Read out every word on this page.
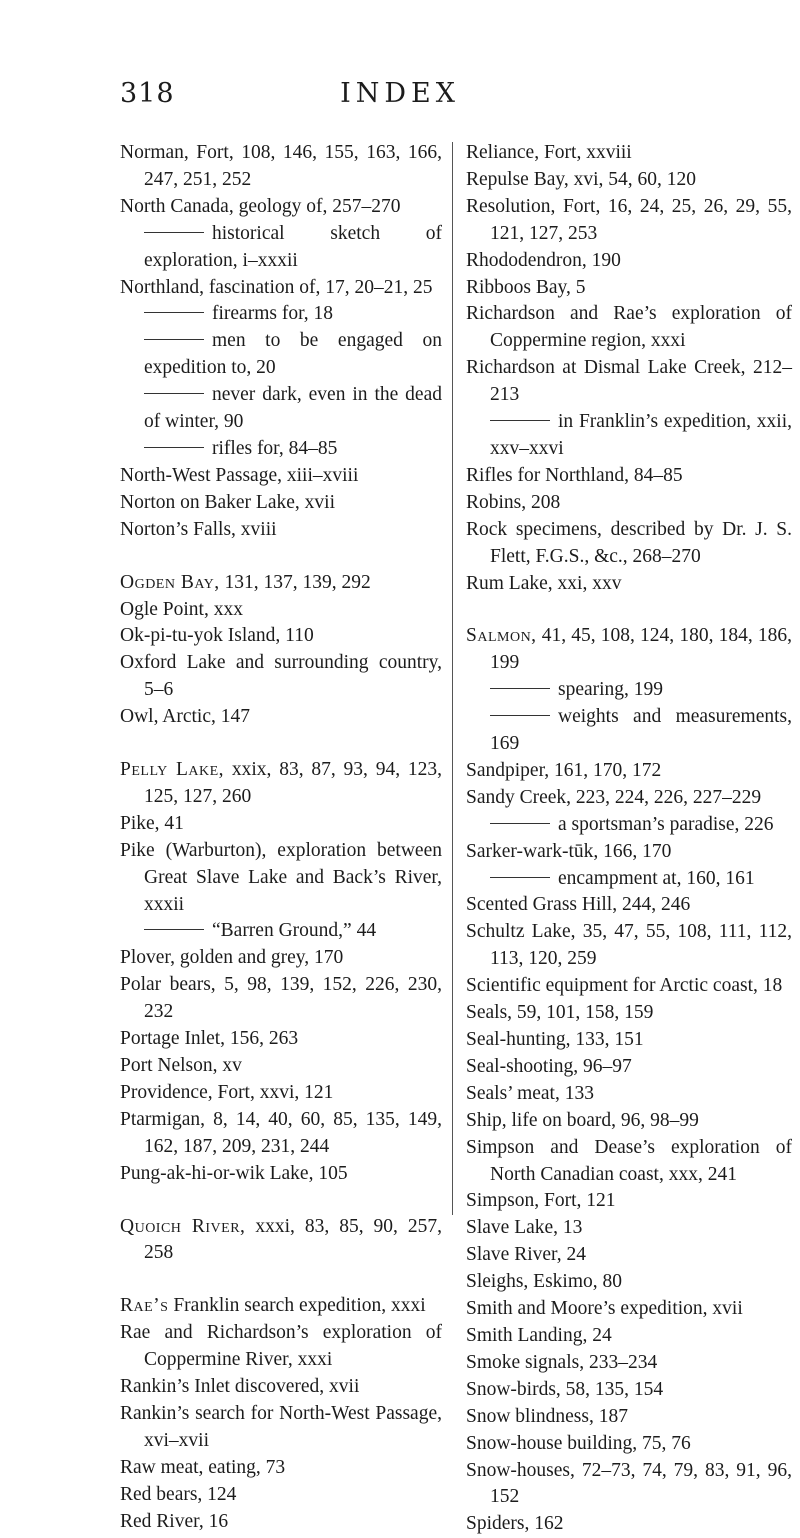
INDEX
318
Norman, Fort, 108, 146, 155, 163, 166, 247, 251, 252
North Canada, geology of, 257–270
historical sketch of exploration, i–xxxii
Northland, fascination of, 17, 20–21, 25
firearms for, 18
men to be engaged on expedition to, 20
never dark, even in the dead of winter, 90
rifles for, 84–85
North-West Passage, xiii–xviii
Norton on Baker Lake, xvii
Norton’s Falls, xviii
Ogden Bay, 131, 137, 139, 292
Ogle Point, xxx
Ok-pi-tu-yok Island, 110
Oxford Lake and surrounding country, 5–6
Owl, Arctic, 147
Pelly Lake, xxix, 83, 87, 93, 94, 123, 125, 127, 260
Pike, 41
Pike (Warburton), exploration between Great Slave Lake and Back’s River, xxxii
“Barren Ground,” 44
Plover, golden and grey, 170
Polar bears, 5, 98, 139, 152, 226, 230, 232
Portage Inlet, 156, 263
Port Nelson, xv
Providence, Fort, xxvi, 121
Ptarmigan, 8, 14, 40, 60, 85, 135, 149, 162, 187, 209, 231, 244
Pung-ak-hi-or-wik Lake, 105
Quoich River, xxxi, 83, 85, 90, 257, 258
Rae’s Franklin search expedition, xxxi
Rae and Richardson’s exploration of Coppermine River, xxxi
Rankin’s Inlet discovered, xvii
Rankin’s search for North-West Passage, xvi–xvii
Raw meat, eating, 73
Red bears, 124
Red River, 16
Reliance, Fort, xxviii
Repulse Bay, xvi, 54, 60, 120
Resolution, Fort, 16, 24, 25, 26, 29, 55, 121, 127, 253
Rhododendron, 190
Ribboos Bay, 5
Richardson and Rae’s exploration of Coppermine region, xxxi
Richardson at Dismal Lake Creek, 212–213
in Franklin’s expedition, xxii, xxv–xxvi
Rifles for Northland, 84–85
Robins, 208
Rock specimens, described by Dr. J. S. Flett, F.G.S., &c., 268–270
Rum Lake, xxi, xxv
Salmon, 41, 45, 108, 124, 180, 184, 186, 199
spearing, 199
weights and measurements, 169
Sandpiper, 161, 170, 172
Sandy Creek, 223, 224, 226, 227–229
a sportsman’s paradise, 226
Sarker-wark-tūk, 166, 170
encampment at, 160, 161
Scented Grass Hill, 244, 246
Schultz Lake, 35, 47, 55, 108, 111, 112, 113, 120, 259
Scientific equipment for Arctic coast, 18
Seals, 59, 101, 158, 159
Seal-hunting, 133, 151
Seal-shooting, 96–97
Seals’ meat, 133
Ship, life on board, 96, 98–99
Simpson and Dease’s exploration of North Canadian coast, xxx, 241
Simpson, Fort, 121
Slave Lake, 13
Slave River, 24
Sleighs, Eskimo, 80
Smith and Moore’s expedition, xvii
Smith Landing, 24
Smoke signals, 233–234
Snow-birds, 58, 135, 154
Snow blindness, 187
Snow-house building, 75, 76
Snow-houses, 72–73, 74, 79, 83, 91, 96, 152
Spiders, 162
